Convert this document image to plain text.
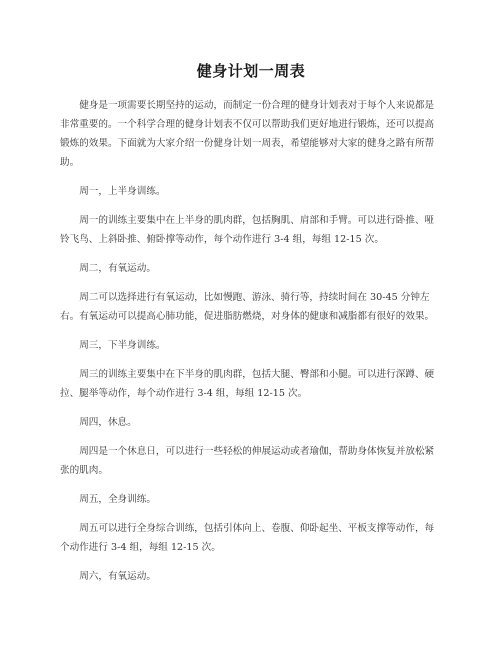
健身计划一周表

健身是一项需要长期坚持的运动，而制定一份合理的健身计划表对于每个人来说都是非常重要的。一个科学合理的健身计划表不仅可以帮助我们更好地进行锻炼，还可以提高锻炼的效果。下面就为大家介绍一份健身计划一周表，希望能够对大家的健身之路有所帮助。

周一，上半身训练。

周一的训练主要集中在上半身的肌肉群，包括胸肌、肩部和手臂。可以进行卧推、哑铃飞鸟、上斜卧推、俯卧撑等动作，每个动作进行 3-4 组，每组 12-15 次。

周二，有氧运动。

周二可以选择进行有氧运动，比如慢跑、游泳、骑行等，持续时间在 30-45 分钟左右。有氧运动可以提高心肺功能，促进脂肪燃烧，对身体的健康和减脂都有很好的效果。

周三，下半身训练。

周三的训练主要集中在下半身的肌肉群，包括大腿、臀部和小腿。可以进行深蹲、硬拉、腿举等动作，每个动作进行 3-4 组，每组 12-15 次。

周四，休息。

周四是一个休息日，可以进行一些轻松的伸展运动或者瑜伽，帮助身体恢复并放松紧张的肌肉。

周五，全身训练。

周五可以进行全身综合训练，包括引体向上、卷腹、仰卧起坐、平板支撑等动作，每个动作进行 3-4 组，每组 12-15 次。

周六，有氧运动。
